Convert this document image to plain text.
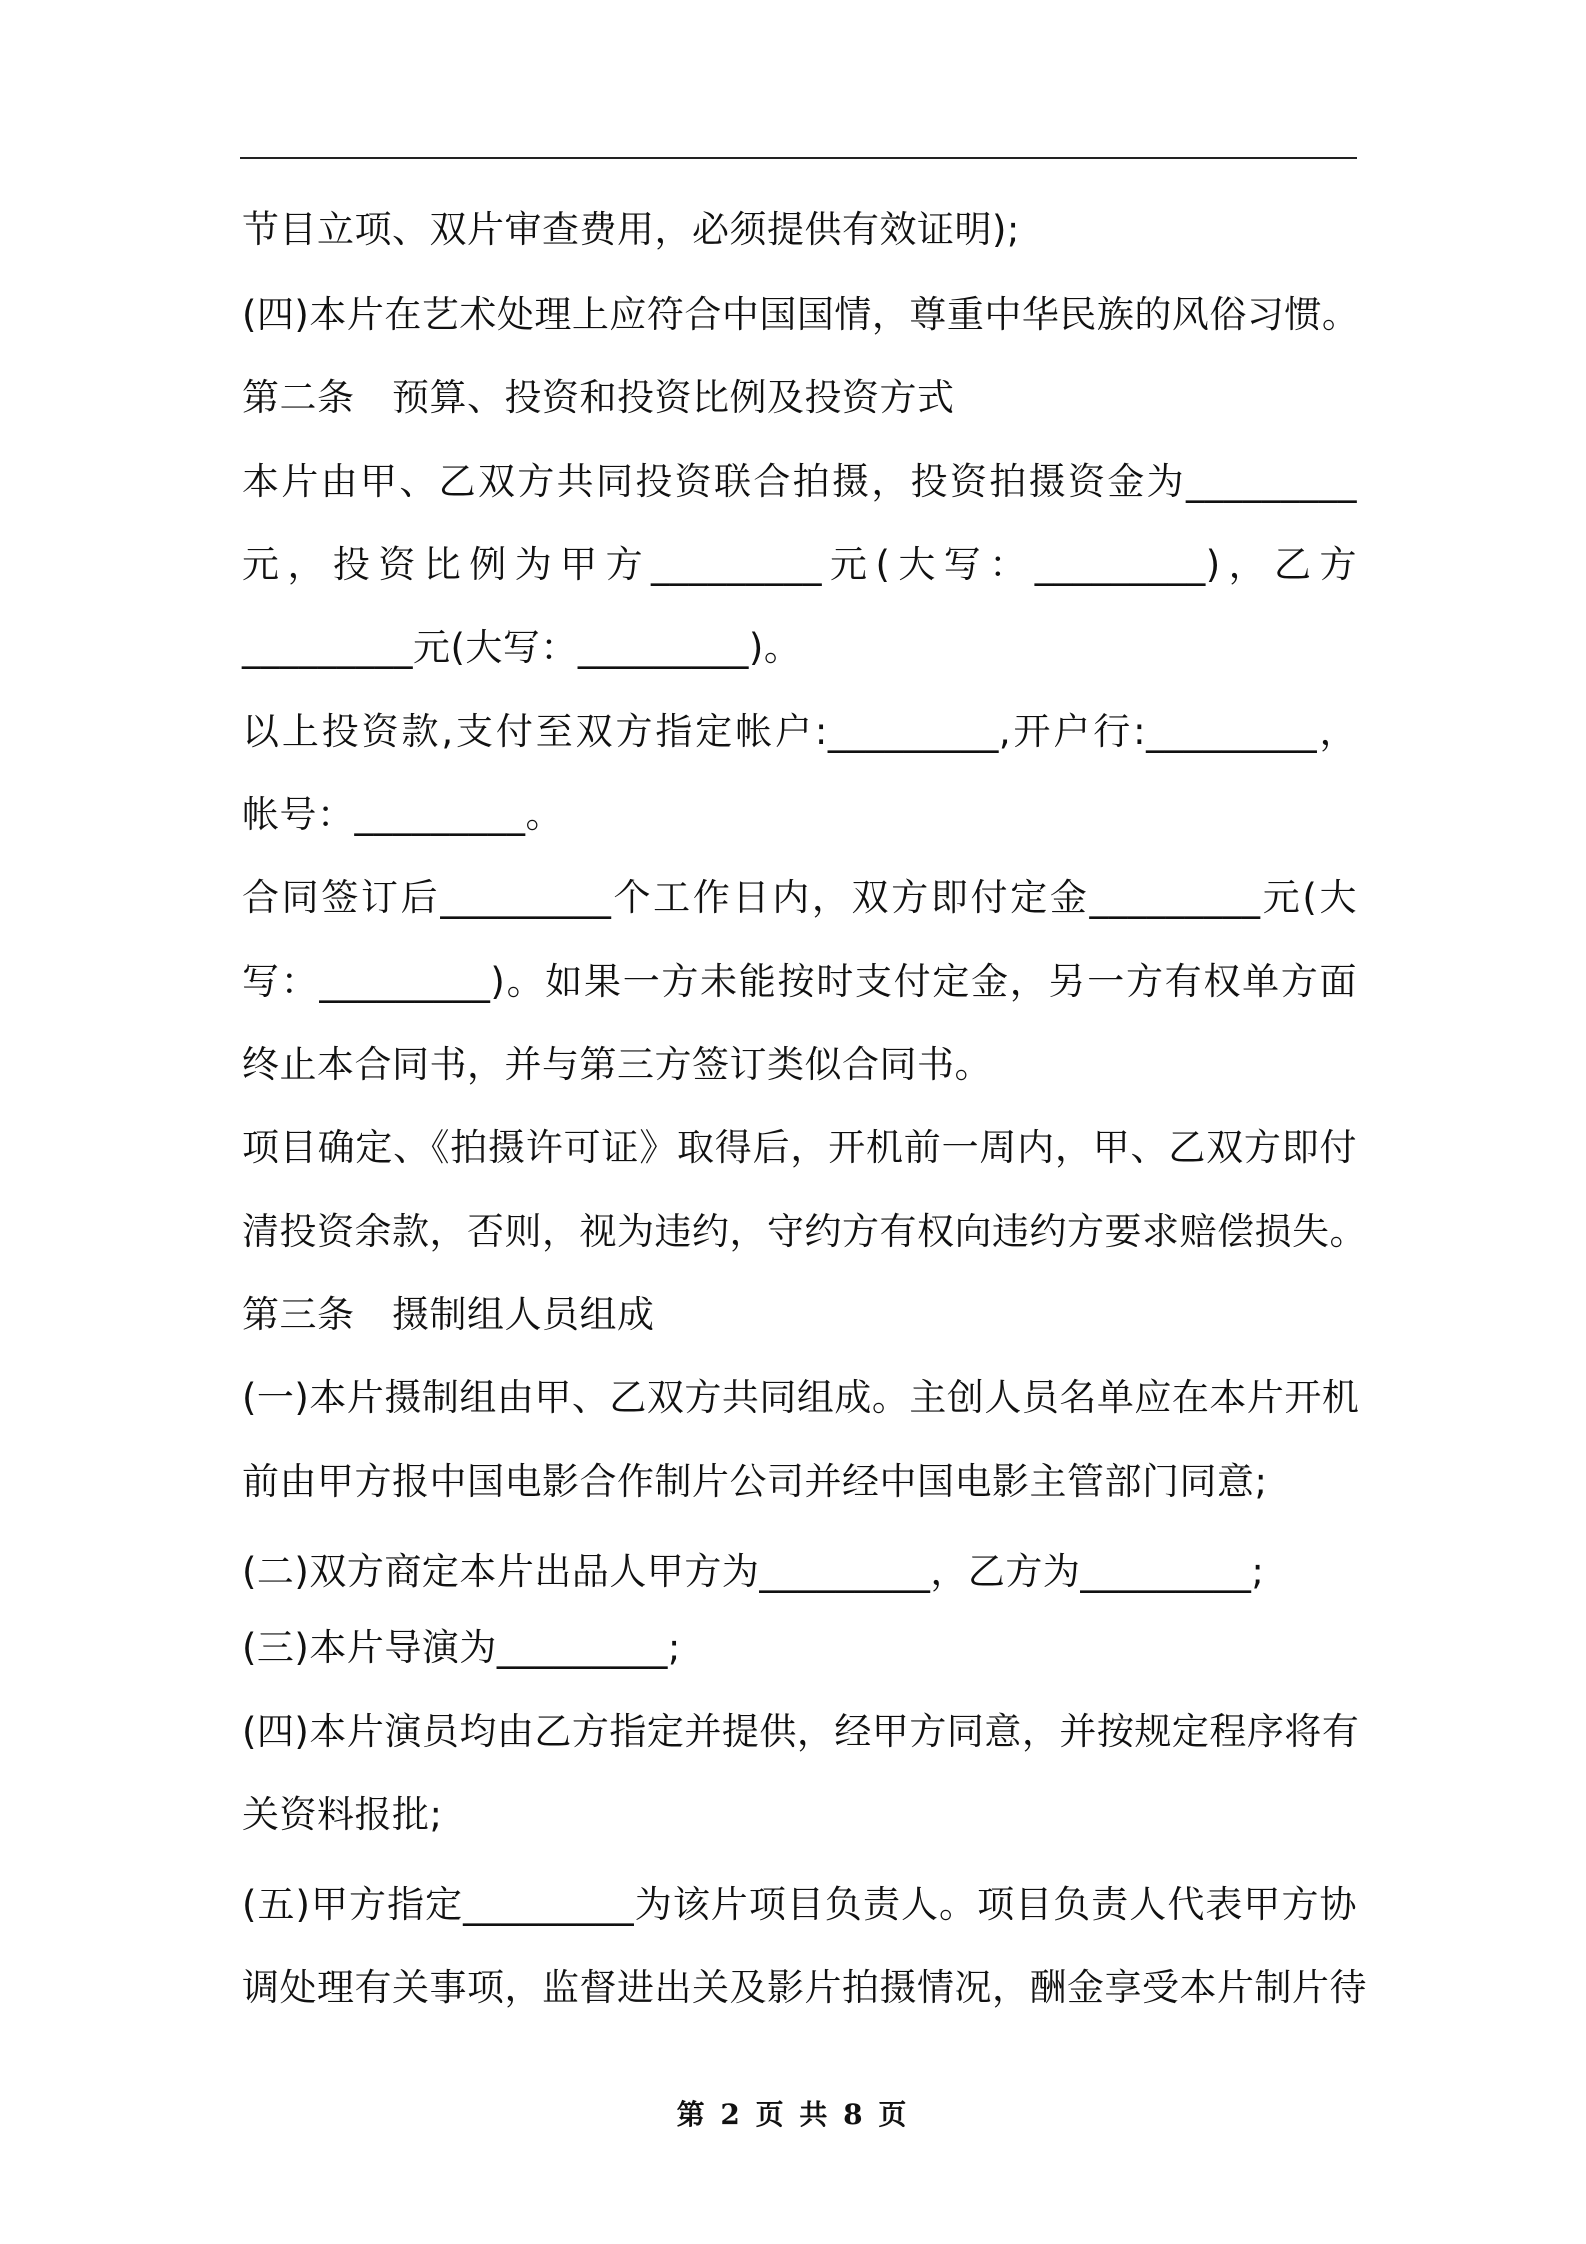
节目立项、双片审查费用，必须提供有效证明);
(四)本片在艺术处理上应符合中国国情，尊重中华民族的风俗习惯。
第二条　预算、投资和投资比例及投资方式
本片由甲、乙双方共同投资联合拍摄，投资拍摄资金为_________
元，投资比例为甲方_________元(大写：_________)，乙方
_________元(大写：_________)。
以上投资款,支付至双方指定帐户:_________,开户行:_________，
帐号：_________。
合同签订后_________个工作日内，双方即付定金_________元(大
写：_________)。如果一方未能按时支付定金，另一方有权单方面
终止本合同书，并与第三方签订类似合同书。
项目确定、《拍摄许可证》取得后，开机前一周内，甲、乙双方即付
清投资余款，否则，视为违约，守约方有权向违约方要求赔偿损失。
第三条　摄制组人员组成
(一)本片摄制组由甲、乙双方共同组成。主创人员名单应在本片开机
前由甲方报中国电影合作制片公司并经中国电影主管部门同意;
(二)双方商定本片出品人甲方为_________，乙方为_________;
(三)本片导演为_________;
(四)本片演员均由乙方指定并提供，经甲方同意，并按规定程序将有
关资料报批;
(五)甲方指定_________为该片项目负责人。项目负责人代表甲方协
调处理有关事项，监督进出关及影片拍摄情况，酬金享受本片制片待
第 2 页 共 8 页
